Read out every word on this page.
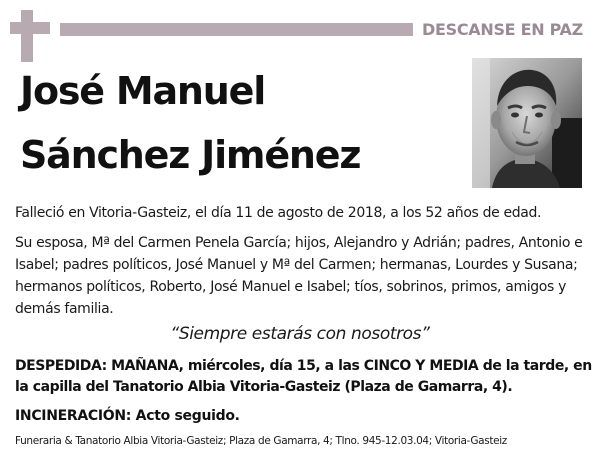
DESCANSE EN PAZ
José Manuel
Sánchez Jiménez
Falleció en Vitoria-Gasteiz, el día 11 de agosto de 2018, a los 52 años de edad.
Su esposa, Mª del Carmen Penela García; hijos, Alejandro y Adrián; padres, Antonio e Isabel; padres políticos, José Manuel y Mª del Carmen; hermanas, Lourdes y Susana; hermanos políticos, Roberto, José Manuel e Isabel; tíos, sobrinos, primos, amigos y demás familia.
“Siempre estarás con nosotros”
DESPEDIDA: MAÑANA, miércoles, día 15, a las CINCO Y MEDIA de la tarde, en la capilla del Tanatorio Albia Vitoria-Gasteiz (Plaza de Gamarra, 4).
INCINERACIÓN: Acto seguido.
Funeraria & Tanatorio Albia Vitoria-Gasteiz; Plaza de Gamarra, 4; Tlno. 945-12.03.04; Vitoria-Gasteiz
